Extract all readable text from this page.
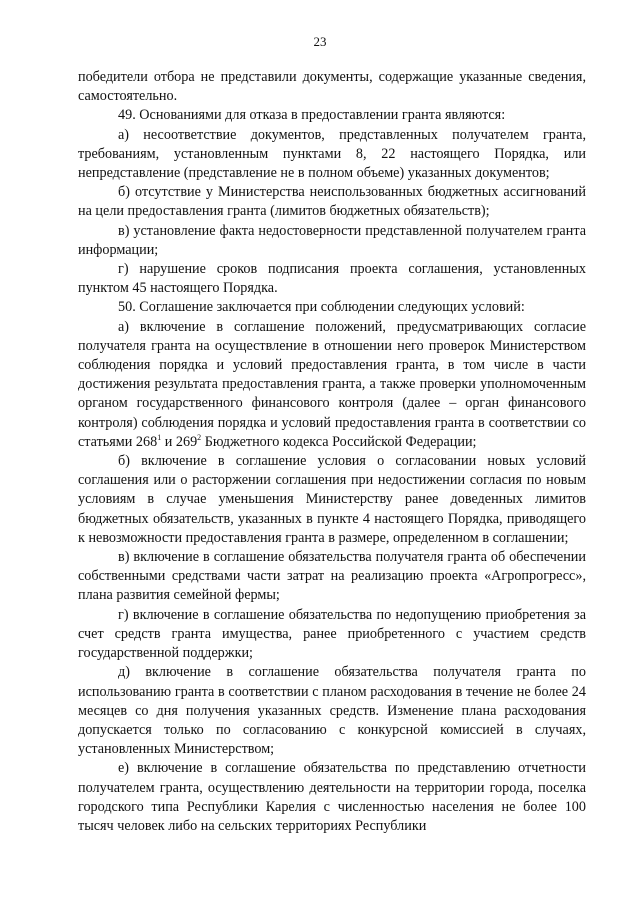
23

победители отбора не представили документы, содержащие указанные сведения, самостоятельно.

49. Основаниями для отказа в предоставлении гранта являются:

а) несоответствие документов, представленных получателем гранта, требованиям, установленным пунктами 8, 22 настоящего Порядка, или непредставление (представление не в полном объеме) указанных документов;

б) отсутствие у Министерства неиспользованных бюджетных ассигнований на цели предоставления гранта (лимитов бюджетных обязательств);

в) установление факта недостоверности представленной получателем гранта информации;

г) нарушение сроков подписания проекта соглашения, установленных пунктом 45 настоящего Порядка.

50. Соглашение заключается при соблюдении следующих условий:

а) включение в соглашение положений, предусматривающих согласие получателя гранта на осуществление в отношении него проверок Министерством соблюдения порядка и условий предоставления гранта, в том числе в части достижения результата предоставления гранта, а также проверки уполномоченным органом государственного финансового контроля (далее – орган финансового контроля) соблюдения порядка и условий предоставления гранта в соответствии со статьями $268^1$ и $269^2$ Бюджетного кодекса Российской Федерации;

б) включение в соглашение условия о согласовании новых условий соглашения или о расторжении соглашения при недостижении согласия по новым условиям в случае уменьшения Министерству ранее доведенных лимитов бюджетных обязательств, указанных в пункте 4 настоящего Порядка, приводящего к невозможности предоставления гранта в размере, определенном в соглашении;

в) включение в соглашение обязательства получателя гранта об обеспечении собственными средствами части затрат на реализацию проекта «Агропрогресс», плана развития семейной фермы;

г) включение в соглашение обязательства по недопущению приобретения за счет средств гранта имущества, ранее приобретенного с участием средств государственной поддержки;

д) включение в соглашение обязательства получателя гранта по использованию гранта в соответствии с планом расходования в течение не более 24 месяцев со дня получения указанных средств. Изменение плана расходования допускается только по согласованию с конкурсной комиссией в случаях, установленных Министерством;

е) включение в соглашение обязательства по представлению отчетности получателем гранта, осуществлению деятельности на территории города, поселка городского типа Республики Карелия с численностью населения не более 100 тысяч человек либо на сельских территориях Республики
